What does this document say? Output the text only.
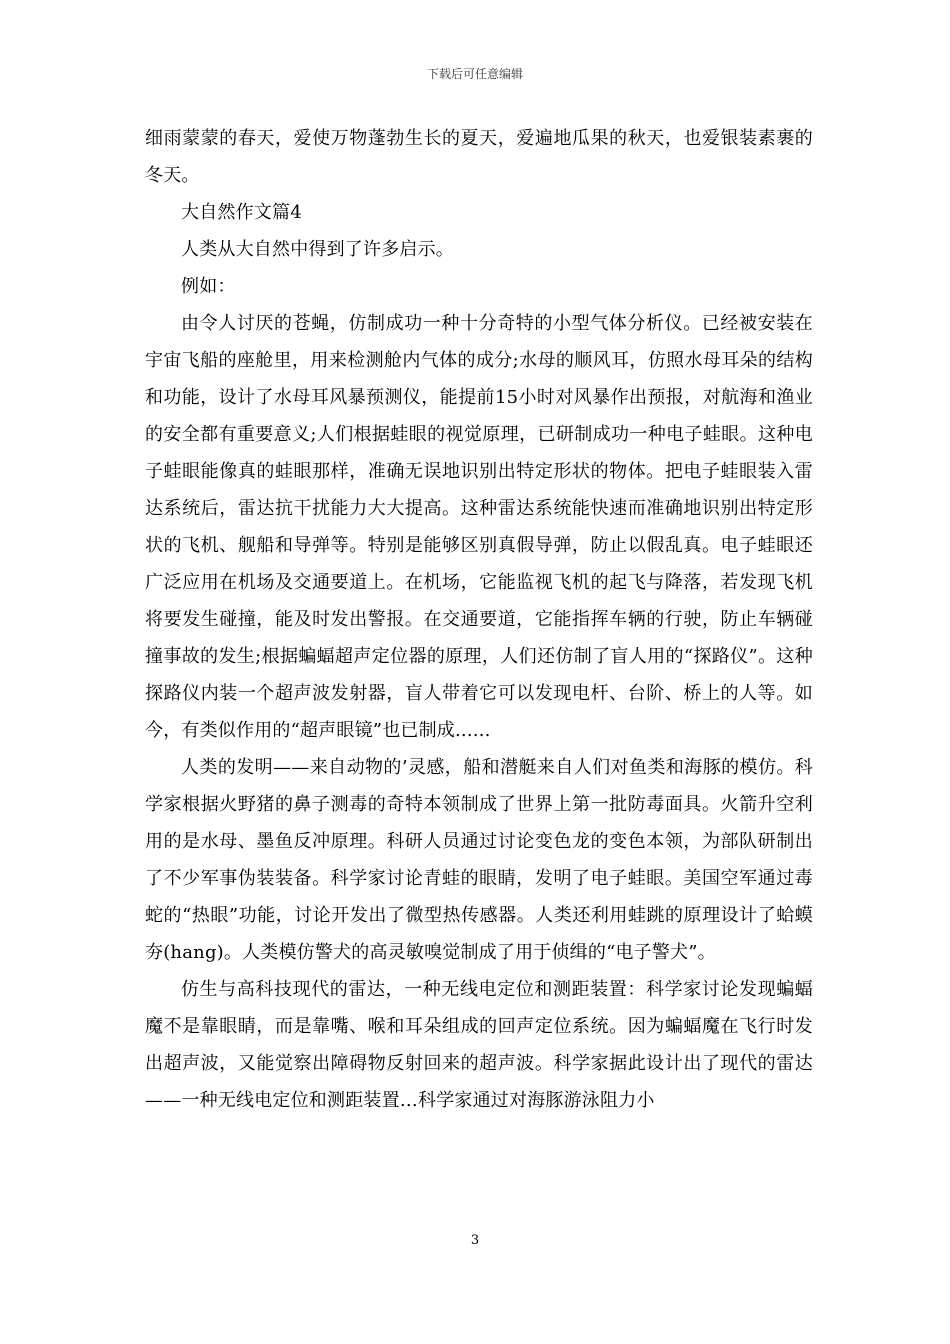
下载后可任意编辑

细雨蒙蒙的春天，爱使万物蓬勃生长的夏天，爱遍地瓜果的秋天，也爱银装素裹的冬天。

大自然作文篇4

人类从大自然中得到了许多启示。

例如：

由令人讨厌的苍蝇，仿制成功一种十分奇特的小型气体分析仪。已经被安装在宇宙飞船的座舱里，用来检测舱内气体的成分;水母的顺风耳，仿照水母耳朵的结构和功能，设计了水母耳风暴预测仪，能提前15小时对风暴作出预报，对航海和渔业的安全都有重要意义;人们根据蛙眼的视觉原理，已研制成功一种电子蛙眼。这种电子蛙眼能像真的蛙眼那样，准确无误地识别出特定形状的物体。把电子蛙眼装入雷达系统后，雷达抗干扰能力大大提高。这种雷达系统能快速而准确地识别出特定形状的飞机、舰船和导弹等。特别是能够区别真假导弹，防止以假乱真。电子蛙眼还广泛应用在机场及交通要道上。在机场，它能监视飞机的起飞与降落，若发现飞机将要发生碰撞，能及时发出警报。在交通要道，它能指挥车辆的行驶，防止车辆碰撞事故的发生;根据蝙蝠超声定位器的原理，人们还仿制了盲人用的“探路仪”。这种探路仪内装一个超声波发射器，盲人带着它可以发现电杆、台阶、桥上的人等。如今，有类似作用的“超声眼镜”也已制成......

人类的发明——来自动物的’灵感，船和潜艇来自人们对鱼类和海豚的模仿。科学家根据火野猪的鼻子测毒的奇特本领制成了世界上第一批防毒面具。火箭升空利用的是水母、墨鱼反冲原理。科研人员通过讨论变色龙的变色本领，为部队研制出了不少军事伪装装备。科学家讨论青蛙的眼睛，发明了电子蛙眼。美国空军通过毒蛇的“热眼”功能，讨论开发出了微型热传感器。人类还利用蛙跳的原理设计了蛤蟆夯(hang)。人类模仿警犬的高灵敏嗅觉制成了用于侦缉的“电子警犬”。

仿生与高科技现代的雷达，一种无线电定位和测距装置：科学家讨论发现蝙蝠魔不是靠眼睛，而是靠嘴、喉和耳朵组成的回声定位系统。因为蝙蝠魔在飞行时发出超声波，又能觉察出障碍物反射回来的超声波。科学家据此设计出了现代的雷达——一种无线电定位和测距装置…科学家通过对海豚游泳阻力小

3
